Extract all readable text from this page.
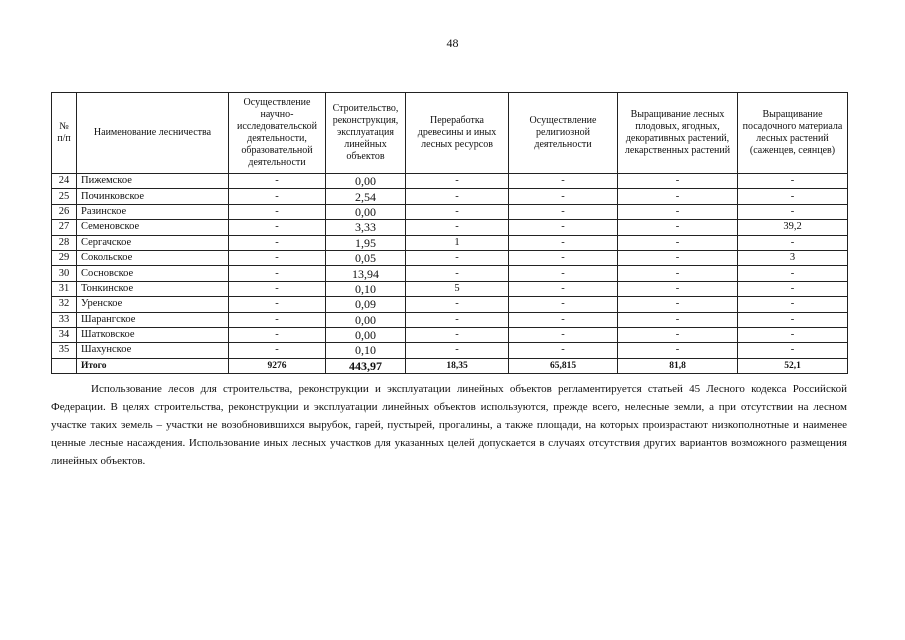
48
№ п/п	Наименование лесничества	Осуществление научно-исследовательской деятельности, образовательной деятельности	Строительство, реконструкция, эксплуатация линейных объектов	Переработка древесины и иных лесных ресурсов	Осуществление религиозной деятельности	Выращивание лесных плодовых, ягодных, декоративных растений, лекарственных растений	Выращивание посадочного материала лесных растений (саженцев, сеянцев)
24	Пижемское	-	0,00	-	-	-	-
25	Починковское	-	2,54	-	-	-	-
26	Разинское	-	0,00	-	-	-	-
27	Семеновское	-	3,33	-	-	-	39,2
28	Сергачское	-	1,95	1	-	-	-
29	Сокольское	-	0,05	-	-	-	3
30	Сосновское	-	13,94	-	-	-	-
31	Тонкинское	-	0,10	5	-	-	-
32	Уренское	-	0,09	-	-	-	-
33	Шарангское	-	0,00	-	-	-	-
34	Шатковское	-	0,00	-	-	-	-
35	Шахунское	-	0,10	-	-	-	-
	Итого	9276	443,97	18,35	65,815	81,8	52,1

Использование лесов для строительства, реконструкции и эксплуатации линейных объектов регламентируется статьей 45 Лесного кодекса Российской Федерации. В целях строительства, реконструкции и эксплуатации линейных объектов используются, прежде всего, нелесные земли, а при отсутствии на лесном участке таких земель – участки не возобновившихся вырубок, гарей, пустырей, прогалины, а также площади, на которых произрастают низкополнотные и наименее ценные лесные насаждения. Использование иных лесных участков для указанных целей допускается в случаях отсутствия других вариантов возможного размещения линейных объектов.
